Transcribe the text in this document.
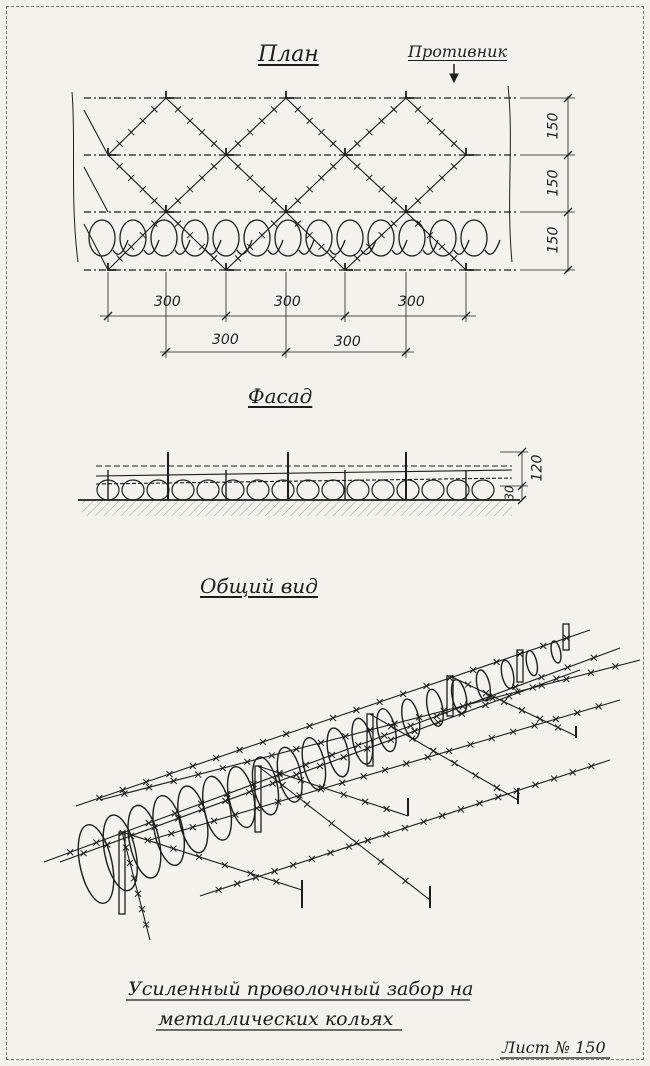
План	Противник
150
150
150
300	300	300
300	300
Фасад
120
30
Общий вид
Усиленный проволочный забор на
металлических кольях
Лист № 150
